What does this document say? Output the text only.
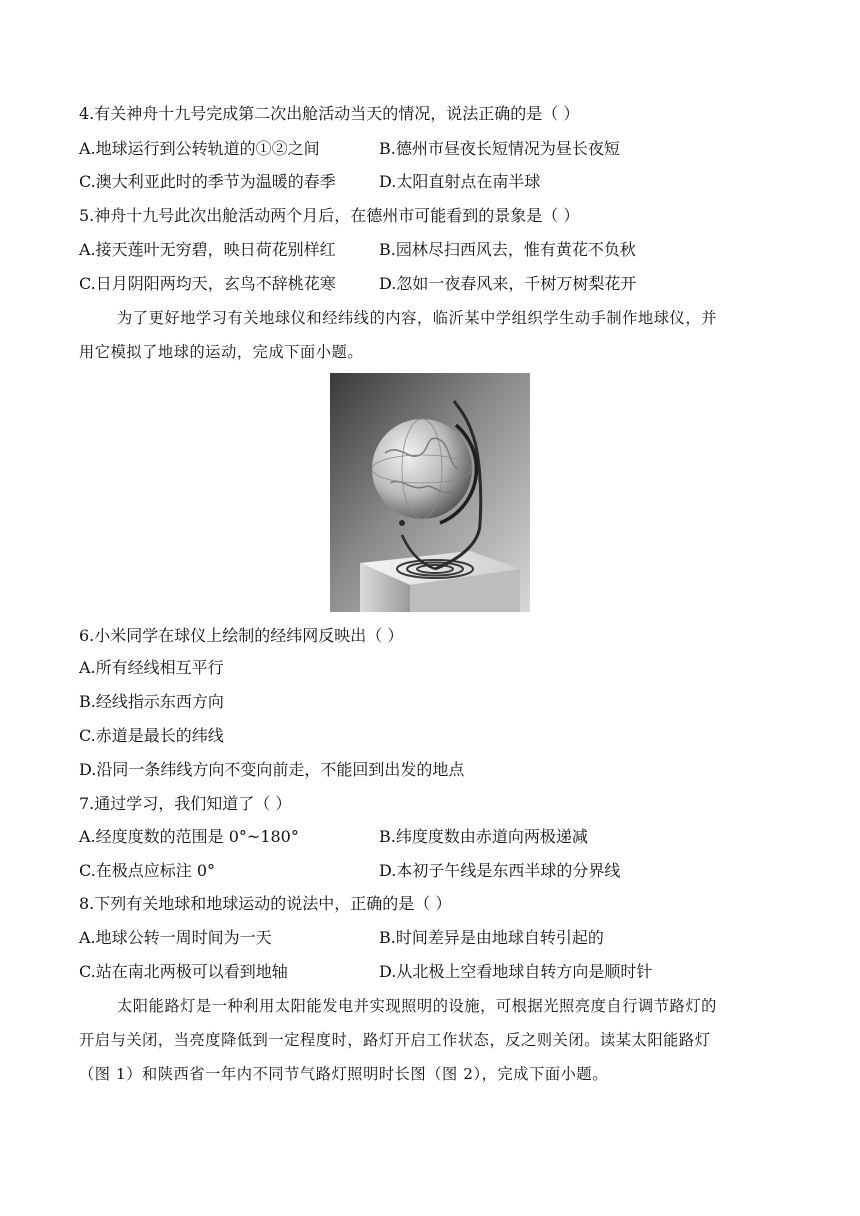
4.有关神舟十九号完成第二次出舱活动当天的情况，说法正确的是（ ）
A.地球运行到公转轨道的①②之间	B.德州市昼夜长短情况为昼长夜短
C.澳大利亚此时的季节为温暖的春季	D.太阳直射点在南半球
5.神舟十九号此次出舱活动两个月后，在德州市可能看到的景象是（ ）
A.接天莲叶无穷碧，映日荷花别样红	B.园林尽扫西风去，惟有黄花不负秋
C.日月阴阳两均天，玄鸟不辞桃花寒	D.忽如一夜春风来，千树万树梨花开
为了更好地学习有关地球仪和经纬线的内容，临沂某中学组织学生动手制作地球仪，并
用它模拟了地球的运动，完成下面小题。
6.小米同学在球仪上绘制的经纬网反映出（ ）
A.所有经线相互平行
B.经线指示东西方向
C.赤道是最长的纬线
D.沿同一条纬线方向不变向前走，不能回到出发的地点
7.通过学习，我们知道了（ ）
A.经度度数的范围是 0°~180°	B.纬度度数由赤道向两极递减
C.在极点应标注 0°	D.本初子午线是东西半球的分界线
8.下列有关地球和地球运动的说法中，正确的是（ ）
A.地球公转一周时间为一天	B.时间差异是由地球自转引起的
C.站在南北两极可以看到地轴	D.从北极上空看地球自转方向是顺时针
太阳能路灯是一种利用太阳能发电并实现照明的设施，可根据光照亮度自行调节路灯的
开启与关闭，当亮度降低到一定程度时，路灯开启工作状态，反之则关闭。读某太阳能路灯
（图 1）和陕西省一年内不同节气路灯照明时长图（图 2），完成下面小题。
